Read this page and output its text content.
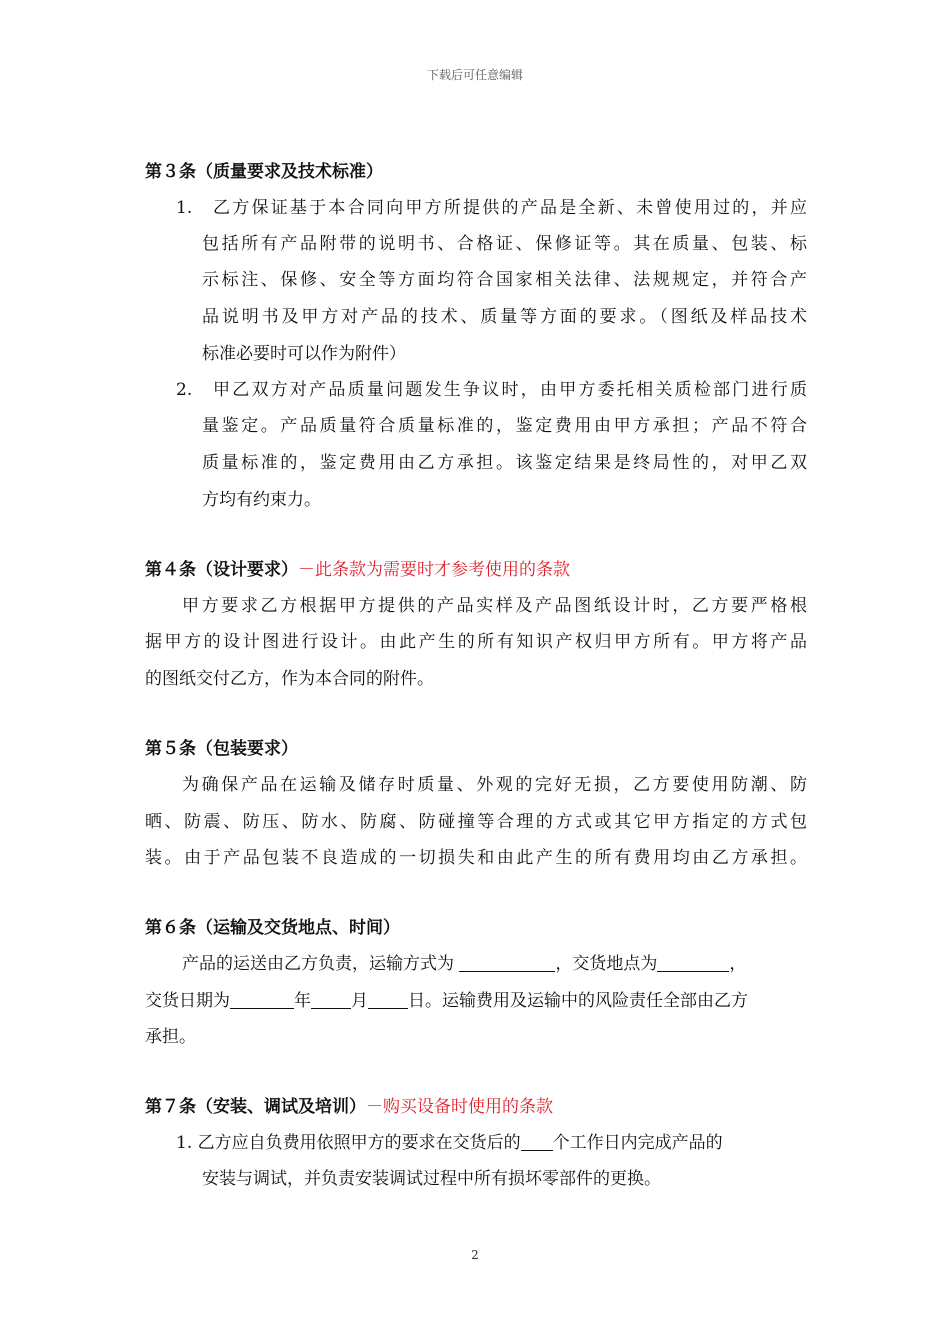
下载后可任意编辑
第３条（质量要求及技术标准）
1. 乙方保证基于本合同向甲方所提供的产品是全新、未曾使用过的，并应
包括所有产品附带的说明书、合格证、保修证等。其在质量、包装、标
示标注、保修、安全等方面均符合国家相关法律、法规规定，并符合产
品说明书及甲方对产品的技术、质量等方面的要求。（图纸及样品技术
标准必要时可以作为附件）
2. 甲乙双方对产品质量问题发生争议时，由甲方委托相关质检部门进行质
量鉴定。产品质量符合质量标准的，鉴定费用由甲方承担；产品不符合
质量标准的，鉴定费用由乙方承担。该鉴定结果是终局性的，对甲乙双
方均有约束力。
第４条（设计要求）－此条款为需要时才参考使用的条款
甲方要求乙方根据甲方提供的产品实样及产品图纸设计时，乙方要严格根
据甲方的设计图进行设计。由此产生的所有知识产权归甲方所有。甲方将产品
的图纸交付乙方，作为本合同的附件。
第５条（包装要求）
为确保产品在运输及储存时质量、外观的完好无损，乙方要使用防潮、防
晒、防震、防压、防水、防腐、防碰撞等合理的方式或其它甲方指定的方式包
装。由于产品包装不良造成的一切损失和由此产生的所有费用均由乙方承担。
第６条（运输及交货地点、时间）
产品的运送由乙方负责，运输方式为	，交货地点为	，
交货日期为	年 月 日。运输费用及运输中的风险责任全部由乙方
承担。
第７条（安装、调试及培训）－购买设备时使用的条款
1. 乙方应自负费用依照甲方的要求在交货后的 个工作日内完成产品的
安装与调试，并负责安装调试过程中所有损坏零部件的更换。
2
